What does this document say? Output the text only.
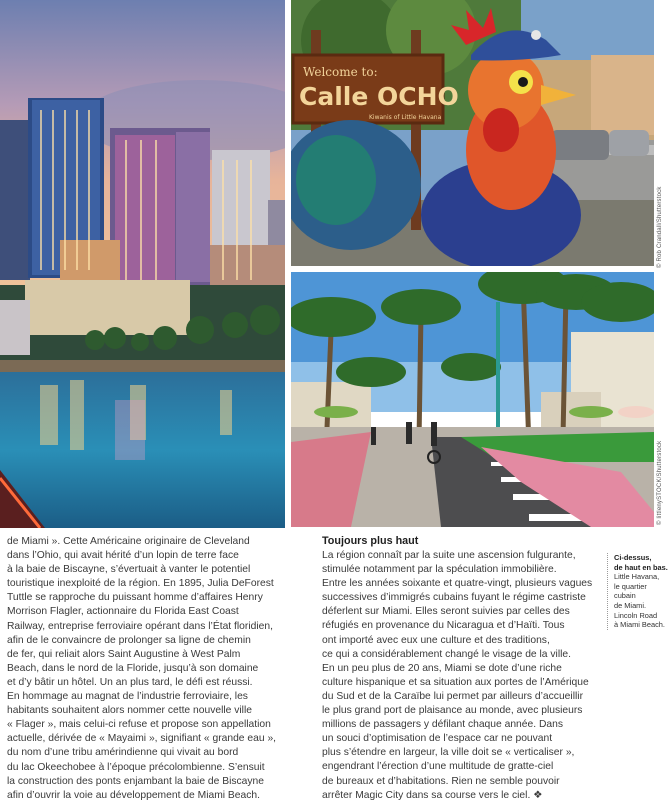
Welcome to:
Calle OCHO
Kiwanis of Little Havana
© Rob Crandall/Shutterstock
© littlenySTOCK/Shutterstock

de Miami ». Cette Américaine originaire de Cleveland

dans l’Ohio, qui avait hérité d’un lopin de terre face

à la baie de Biscayne, s’évertuait à vanter le potentiel

touristique inexploité de la région. En 1895, Julia DeForest

Tuttle se rapproche du puissant homme d’affaires Henry

Morrison Flagler, actionnaire du Florida East Coast

Railway, entreprise ferroviaire opérant dans l’État floridien,

afin de le convaincre de prolonger sa ligne de chemin

de fer, qui reliait alors Saint Augustine à West Palm

Beach, dans le nord de la Floride, jusqu’à son domaine

et d’y bâtir un hôtel. Un an plus tard, le défi est réussi.

En hommage au magnat de l’industrie ferroviaire, les

habitants souhaitent alors nommer cette nouvelle ville

« Flager », mais celui-ci refuse et propose son appellation

actuelle, dérivée de « Mayaimi », signifiant « grande eau »,

du nom d’une tribu amérindienne qui vivait au bord

du lac Okeechobee à l’époque précolombienne. S’ensuit

la construction des ponts enjambant la baie de Biscayne

afin d’ouvrir la voie au développement de Miami Beach.

Toujours plus haut

La région connaît par la suite une ascension fulgurante,

stimulée notamment par la spéculation immobilière.

Entre les années soixante et quatre-vingt, plusieurs vagues

successives d’immigrés cubains fuyant le régime castriste

déferlent sur Miami. Elles seront suivies par celles des

réfugiés en provenance du Nicaragua et d’Haïti. Tous

ont importé avec eux une culture et des traditions,

ce qui a considérablement changé le visage de la ville.

En un peu plus de 20 ans, Miami se dote d’une riche

culture hispanique et sa situation aux portes de l’Amérique

du Sud et de la Caraïbe lui permet par ailleurs d’accueillir

le plus grand port de plaisance au monde, avec plusieurs

millions de passagers y défilant chaque année. Dans

un souci d’optimisation de l’espace car ne pouvant

plus s’étendre en largeur, la ville doit se « verticaliser »,

engendrant l’érection d’une multitude de gratte-ciel

de bureaux et d’habitations. Rien ne semble pouvoir

arrêter Magic City dans sa course vers le ciel. ❖

Ci-dessus,

de haut en bas.

Little Havana,

le quartier

cubain

de Miami.

Lincoln Road

à Miami Beach.
